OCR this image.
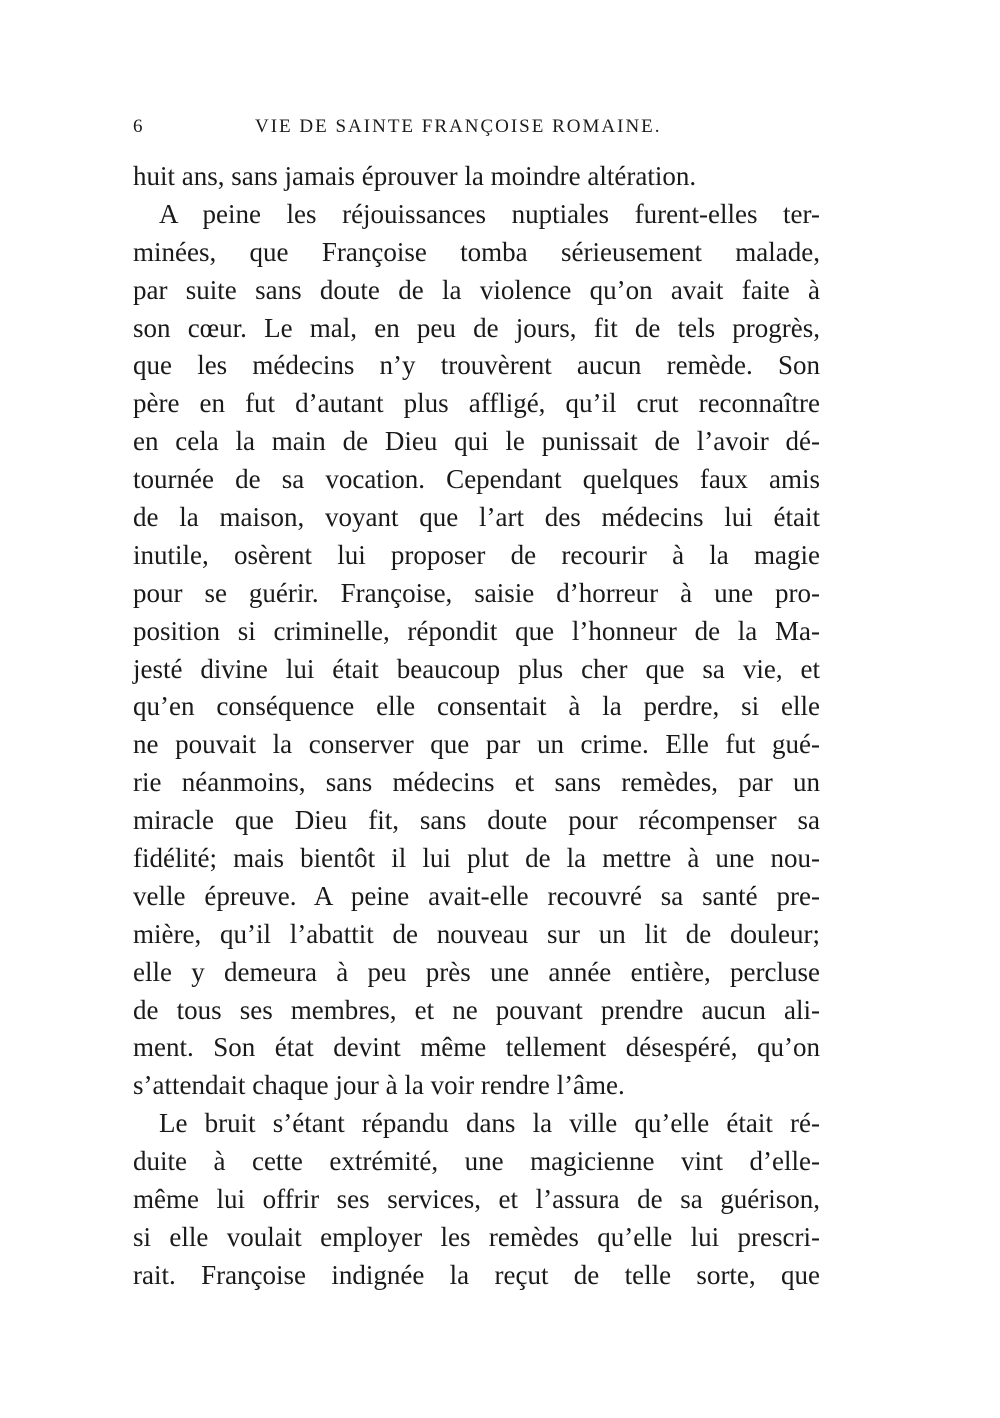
6	VIE DE SAINTE FRANÇOISE ROMAINE.
huit ans, sans jamais éprouver la moindre altération.
A peine les réjouissances nuptiales furent-elles ter-
minées, que Françoise tomba sérieusement malade,
par suite sans doute de la violence qu’on avait faite à
son cœur. Le mal, en peu de jours, fit de tels progrès,
que les médecins n’y trouvèrent aucun remède. Son
père en fut d’autant plus affligé, qu’il crut reconnaître
en cela la main de Dieu qui le punissait de l’avoir dé-
tournée de sa vocation. Cependant quelques faux amis
de la maison, voyant que l’art des médecins lui était
inutile, osèrent lui proposer de recourir à la magie
pour se guérir. Françoise, saisie d’horreur à une pro-
position si criminelle, répondit que l’honneur de la Ma-
jesté divine lui était beaucoup plus cher que sa vie, et
qu’en conséquence elle consentait à la perdre, si elle
ne pouvait la conserver que par un crime. Elle fut gué-
rie néanmoins, sans médecins et sans remèdes, par un
miracle que Dieu fit, sans doute pour récompenser sa
fidélité; mais bientôt il lui plut de la mettre à une nou-
velle épreuve. A peine avait-elle recouvré sa santé pre-
mière, qu’il l’abattit de nouveau sur un lit de douleur;
elle y demeura à peu près une année entière, percluse
de tous ses membres, et ne pouvant prendre aucun ali-
ment. Son état devint même tellement désespéré, qu’on
s’attendait chaque jour à la voir rendre l’âme.
Le bruit s’étant répandu dans la ville qu’elle était ré-
duite à cette extrémité, une magicienne vint d’elle-
même lui offrir ses services, et l’assura de sa guérison,
si elle voulait employer les remèdes qu’elle lui prescri-
rait. Françoise indignée la reçut de telle sorte, que
